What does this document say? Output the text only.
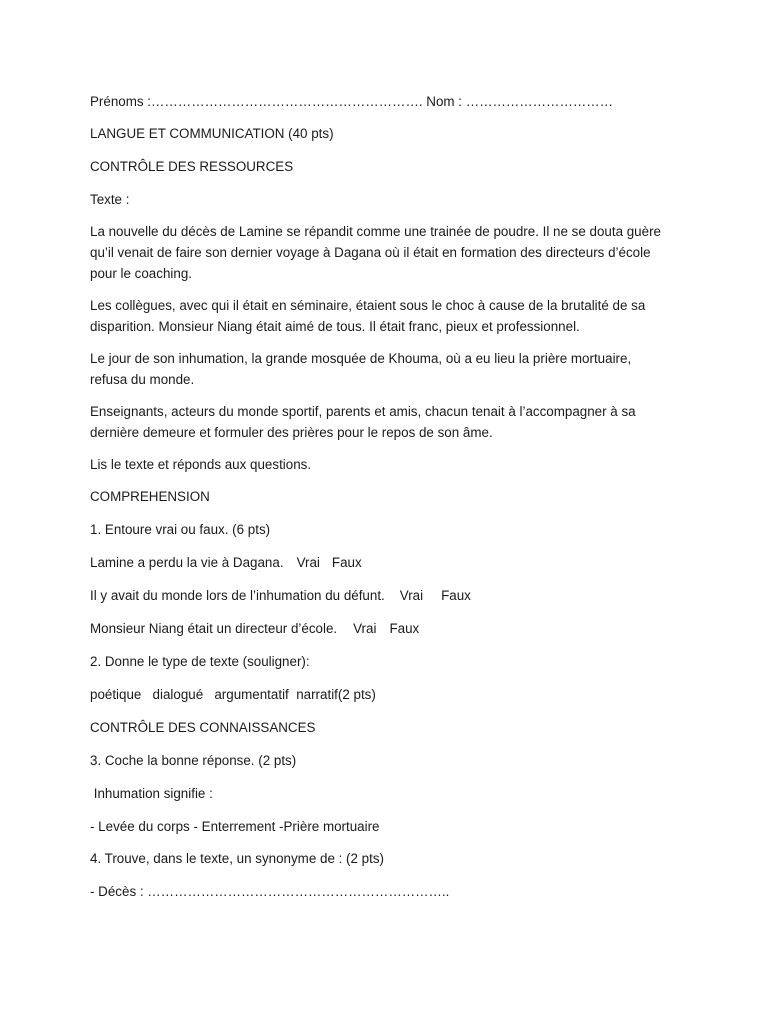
Prénoms :……………………………………………………. Nom : ……………………………
LANGUE ET COMMUNICATION (40 pts)
CONTRÔLE DES RESSOURCES
Texte :
La nouvelle du décès de Lamine se répandit comme une trainée de poudre. Il ne se douta guère
qu’il venait de faire son dernier voyage à Dagana où il était en formation des directeurs d’école
pour le coaching.
Les collègues, avec qui il était en séminaire, étaient sous le choc à cause de la brutalité de sa
disparition. Monsieur Niang était aimé de tous. Il était franc, pieux et professionnel.
Le jour de son inhumation, la grande mosquée de Khouma, où a eu lieu la prière mortuaire,
refusa du monde.
Enseignants, acteurs du monde sportif, parents et amis, chacun tenait à l’accompagner à sa
dernière demeure et formuler des prières pour le repos de son âme.
Lis le texte et réponds aux questions.
COMPREHENSION
1. Entoure vrai ou faux. (6 pts)
Lamine a perdu la vie à Dagana. Vrai Faux
Il y avait du monde lors de l’inhumation du défunt. Vrai Faux
Monsieur Niang était un directeur d’école. Vrai Faux
2. Donne le type de texte (souligner):
poétique   dialogué   argumentatif  narratif(2 pts)
CONTRÔLE DES CONNAISSANCES
3. Coche la bonne réponse. (2 pts)
Inhumation signifie :
- Levée du corps - Enterrement -Prière mortuaire
4. Trouve, dans le texte, un synonyme de : (2 pts)
- Décès : …………………………………………………………..
